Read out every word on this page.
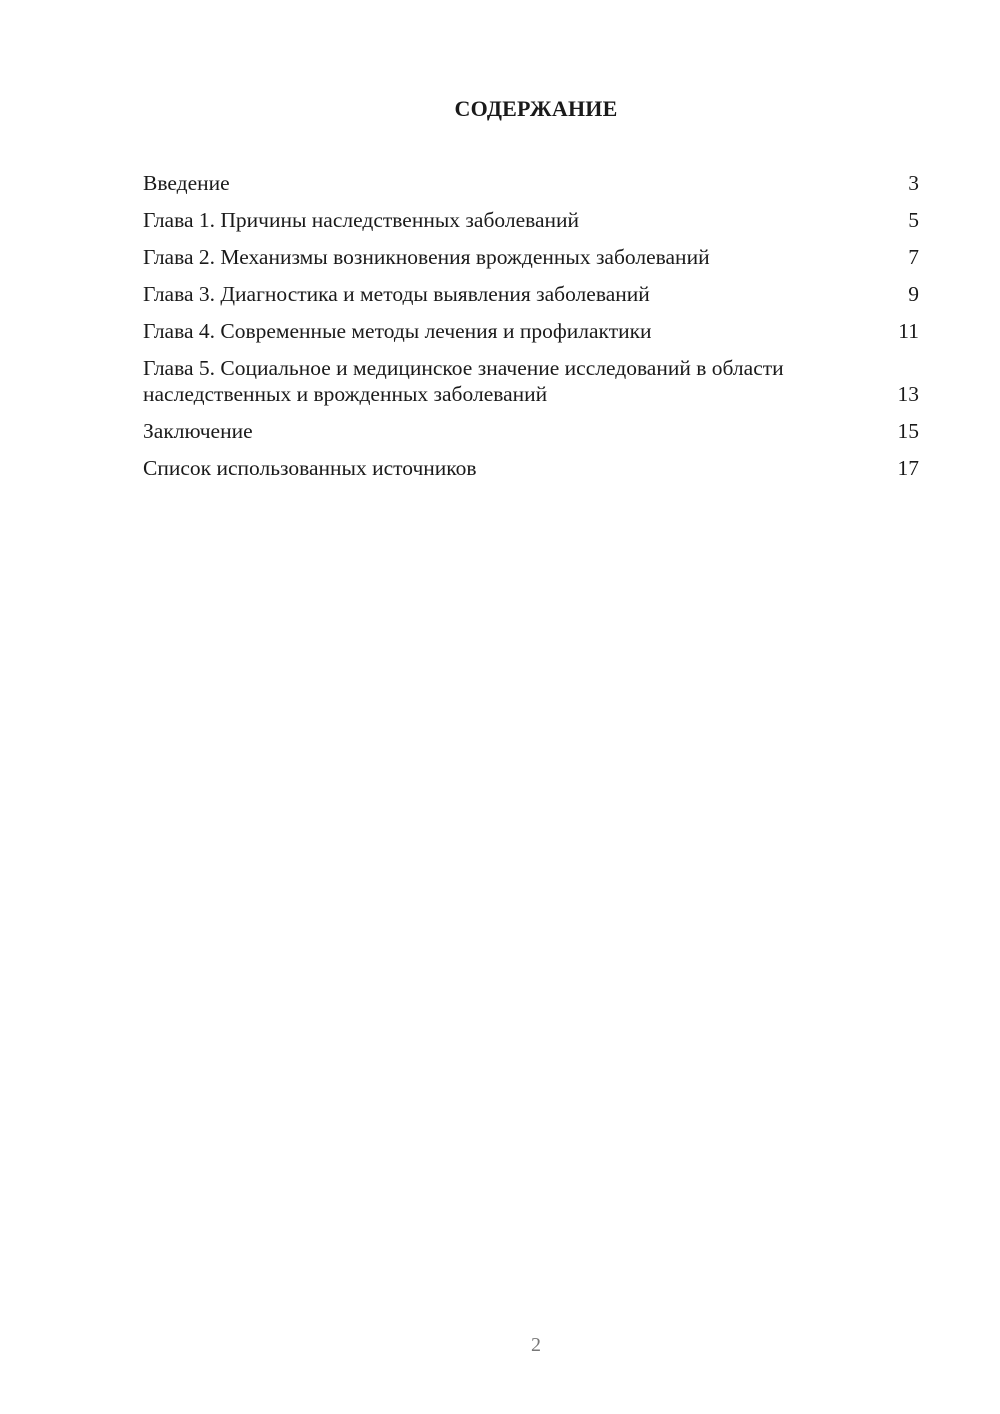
СОДЕРЖАНИЕ
Введение	3
Глава 1. Причины наследственных заболеваний	5
Глава 2. Механизмы возникновения врожденных заболеваний	7
Глава 3. Диагностика и методы выявления заболеваний	9
Глава 4. Современные методы лечения и профилактики	11
Глава 5. Социальное и медицинское значение исследований в области наследственных и врожденных заболеваний	13
Заключение	15
Список использованных источников	17
2
